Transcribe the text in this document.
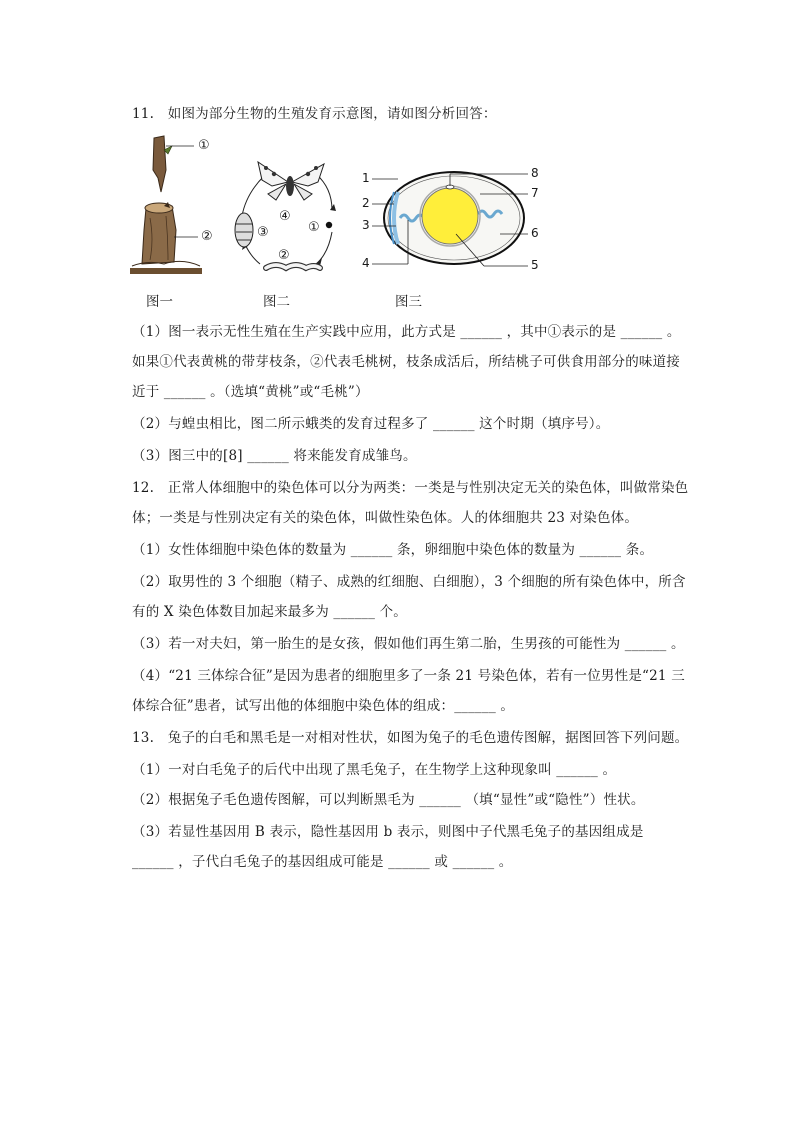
11.　如图为部分生物的生殖发育示意图，请如图分析回答：
①
②
④
③
②
①
1
2
3
4	5
6
7
8
图一	图二	图三
（1）图一表示无性生殖在生产实践中应用，此方式是 ______ ，其中①表示的是 ______ 。
如果①代表黄桃的带芽枝条，②代表毛桃树，枝条成活后，所结桃子可供食用部分的味道接
近于 ______ 。（选填“黄桃”或“毛桃”）
（2）与蝗虫相比，图二所示蛾类的发育过程多了 ______ 这个时期（填序号）。
（3）图三中的[8] ______ 将来能发育成雏鸟。
12.　正常人体细胞中的染色体可以分为两类：一类是与性别决定无关的染色体，叫做常染色
体；一类是与性别决定有关的染色体，叫做性染色体。人的体细胞共 23 对染色体。
（1）女性体细胞中染色体的数量为 ______ 条，卵细胞中染色体的数量为 ______ 条。
（2）取男性的 3 个细胞（精子、成熟的红细胞、白细胞），3 个细胞的所有染色体中，所含
有的 X 染色体数目加起来最多为 ______ 个。
（3）若一对夫妇，第一胎生的是女孩，假如他们再生第二胎，生男孩的可能性为 ______ 。
（4）“21 三体综合征”是因为患者的细胞里多了一条 21 号染色体，若有一位男性是“21 三
体综合征”患者，试写出他的体细胞中染色体的组成：______ 。
13.　兔子的白毛和黑毛是一对相对性状，如图为兔子的毛色遗传图解，据图回答下列问题。
（1）一对白毛兔子的后代中出现了黑毛兔子，在生物学上这种现象叫 ______ 。
（2）根据兔子毛色遗传图解，可以判断黑毛为 ______ （填“显性”或“隐性”）性状。
（3）若显性基因用 B 表示，隐性基因用 b 表示，则图中子代黑毛兔子的基因组成是
______ ，子代白毛兔子的基因组成可能是 ______ 或 ______ 。
